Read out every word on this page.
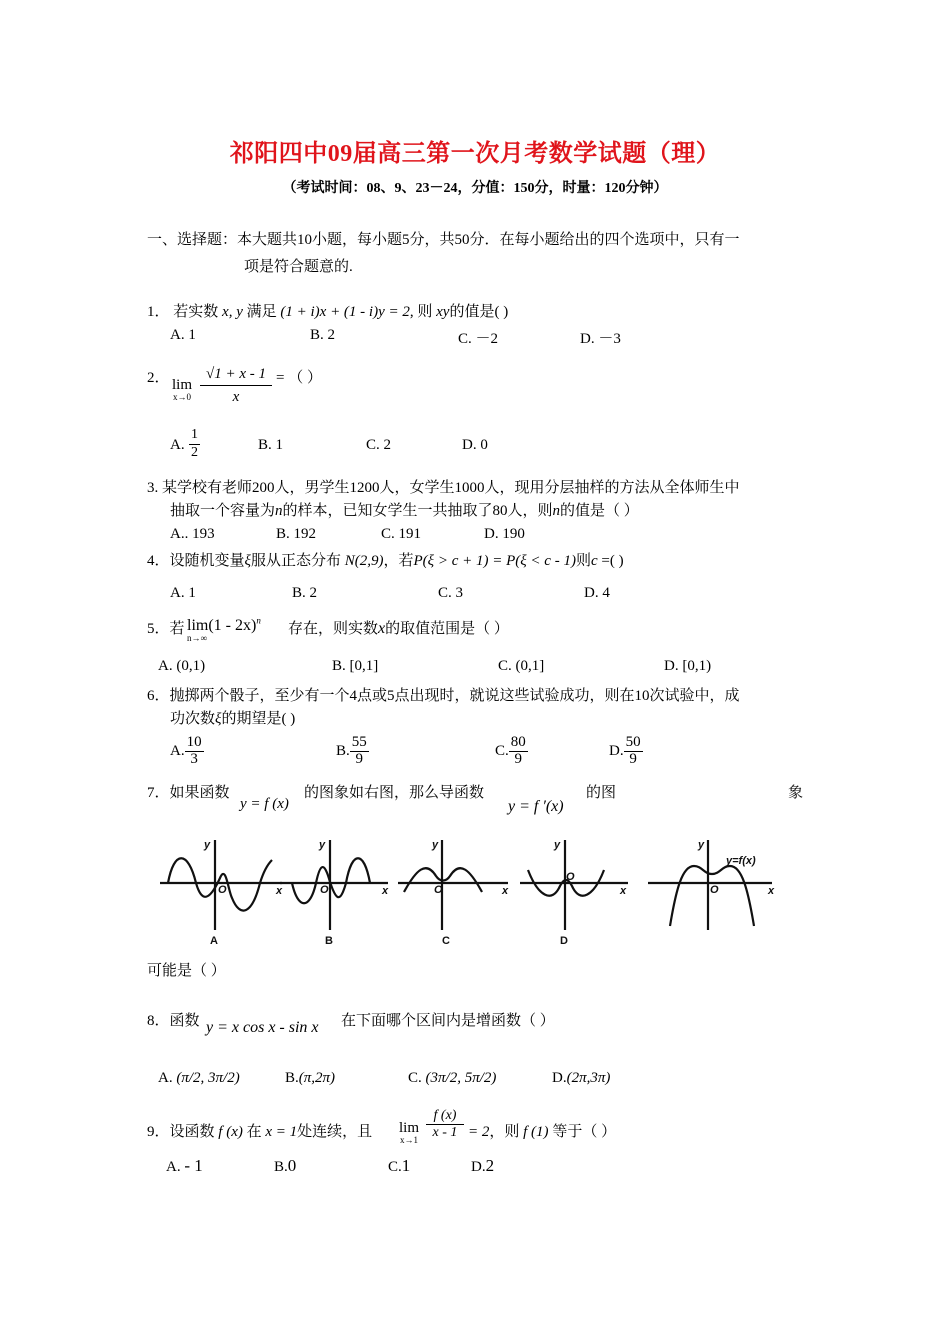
祁阳四中09届高三第一次月考数学试题（理）
（考试时间：08、9、23－24，分值：150分，时量：120分钟）
一、选择题：本大题共10小题，每小题5分，共50分．在每小题给出的四个选项中，只有一
项是符合题意的.
1． 若实数 x, y 满足 (1 + i)x + (1 - i)y = 2, 则 xy的值是( )
A. 1	B. 2	C. －2	D. －3
2． lim
$x\to 0 \frac{√1 + x - 1}{x}$ = （ ）
A. $\frac{1}{2}$	B. 1	C. 2	D. 0
3. 某学校有老师200人，男学生1200人，女学生1000人，现用分层抽样的方法从全体师生中
抽取一个容量为n的样本，已知女学生一共抽取了80人，则n的值是（ ）
A.. 193	B. 192	C. 191	D. 190
4．设随机变量ξ服从正态分布 N(2,9)，若P(ξ > c + 1) = P(ξ < c - 1)则c =( )
A. 1	B. 2	C. 3	D. 4
5．若 lim(1 - 2x)$^n$
n→∞
存在，则实数x的取值范围是（ ）
A. (0,1)	B. [0,1]	C. (0,1]	D. [0,1)
6．抛掷两个骰子，至少有一个4点或5点出现时，就说这些试验成功，则在10次试验中，成
功次数ξ的期望是( )
A. $\frac{10}{3}$	B. $\frac{55}{9}$	C. $\frac{80}{9}$	D. $\frac{50}{9}$
7．如果函数
y = f (x)
的图象如右图，那么导函数
y = f ′(x)
的图	象
y
x
O
y
x
O
y
x
O
y
x
O
y
x
O
y=f(x)
A	B	C	D
可能是（ ）
8．函数 y = x cos x - sin x 在下面哪个区间内是增函数（ ）
A. (π/2, 3π/2)	B.(π,2π)	C. (3π/2, 5π/2)	D.(2π,3π)
9．设函数 f (x) 在 x = 1处连续，且 lim
$x\to 1 \frac{f (x)}{x - 1} = 2$，则 f (1) 等于（ ）
A. - 1	B.0	C.1	D.2
